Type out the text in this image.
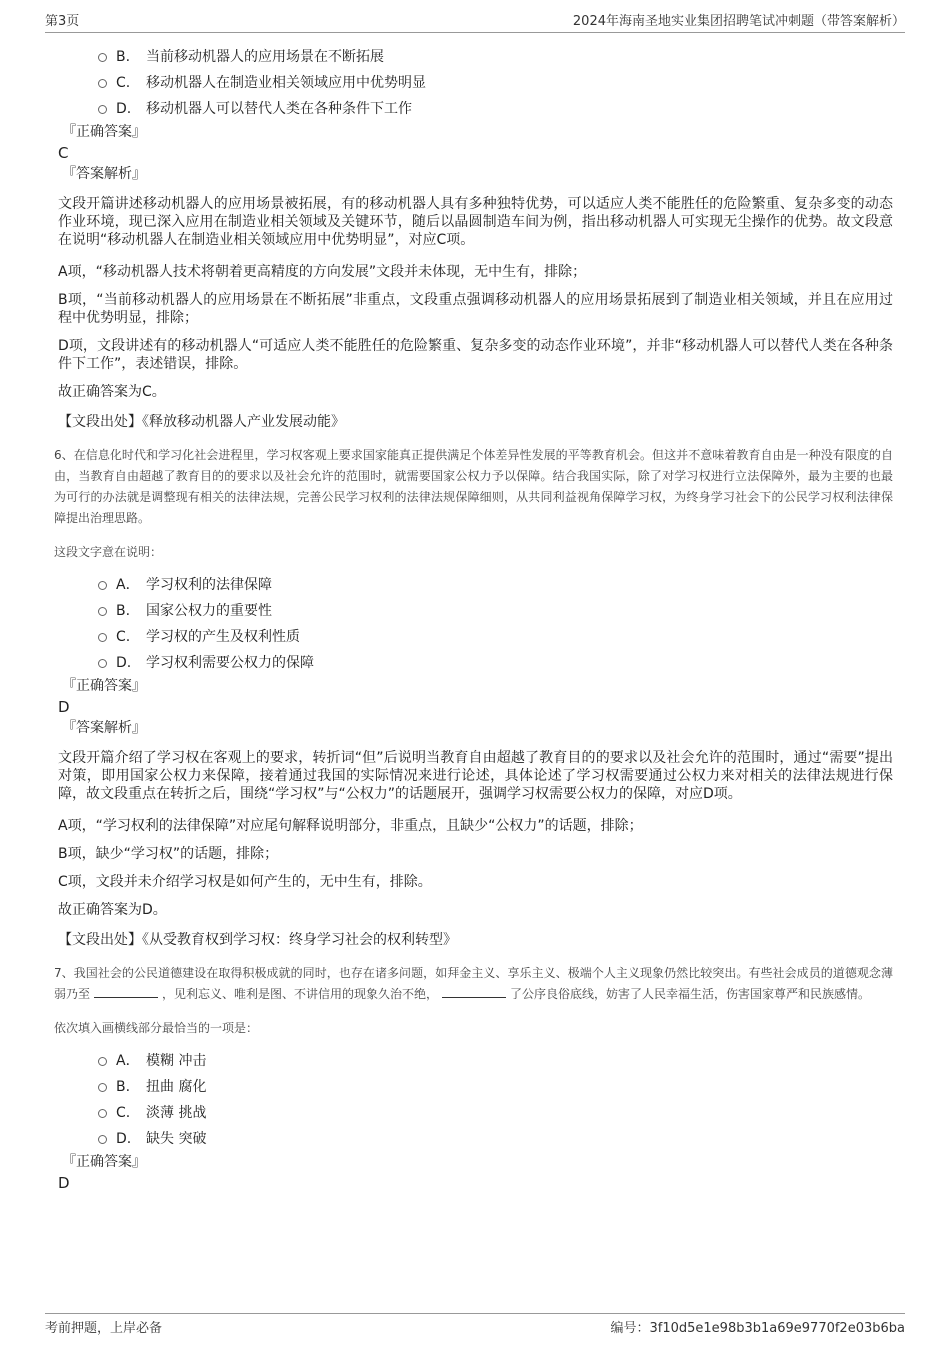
第3页	2024年海南圣地实业集团招聘笔试冲刺题（带答案解析）
B. 当前移动机器人的应用场景在不断拓展
C. 移动机器人在制造业相关领域应用中优势明显
D. 移动机器人可以替代人类在各种条件下工作
『正确答案』
C
『答案解析』
文段开篇讲述移动机器人的应用场景被拓展，有的移动机器人具有多种独特优势，可以适应人类不能胜任的危险繁重、复杂多变的动态作业环境，现已深入应用在制造业相关领域及关键环节，随后以晶圆制造车间为例，指出移动机器人可实现无尘操作的优势。故文段意在说明“移动机器人在制造业相关领域应用中优势明显”，对应C项。
A项，“移动机器人技术将朝着更高精度的方向发展”文段并未体现，无中生有，排除；
B项，“当前移动机器人的应用场景在不断拓展”非重点，文段重点强调移动机器人的应用场景拓展到了制造业相关领域，并且在应用过程中优势明显，排除；
D项，文段讲述有的移动机器人“可适应人类不能胜任的危险繁重、复杂多变的动态作业环境”，并非“移动机器人可以替代人类在各种条件下工作”，表述错误，排除。
故正确答案为C。
【文段出处】《释放移动机器人产业发展动能》
6、在信息化时代和学习化社会进程里，学习权客观上要求国家能真正提供满足个体差异性发展的平等教育机会。但这并不意味着教育自由是一种没有限度的自由，当教育自由超越了教育目的的要求以及社会允许的范围时，就需要国家公权力予以保障。结合我国实际，除了对学习权进行立法保障外，最为主要的也最为可行的办法就是调整现有相关的法律法规，完善公民学习权利的法律法规保障细则，从共同利益视角保障学习权，为终身学习社会下的公民学习权利法律保障提出治理思路。
这段文字意在说明：
A． 学习权利的法律保障
B. 国家公权力的重要性
C. 学习权的产生及权利性质
D. 学习权利需要公权力的保障
『正确答案』
D
『答案解析』
文段开篇介绍了学习权在客观上的要求，转折词“但”后说明当教育自由超越了教育目的的要求以及社会允许的范围时，通过“需要”提出对策，即用国家公权力来保障，接着通过我国的实际情况来进行论述，具体论述了学习权需要通过公权力来对相关的法律法规进行保障，故文段重点在转折之后，围绕“学习权”与“公权力”的话题展开，强调学习权需要公权力的保障，对应D项。
A项，“学习权利的法律保障”对应尾句解释说明部分，非重点，且缺少“公权力”的话题，排除；
B项，缺少“学习权”的话题，排除；
C项，文段并未介绍学习权是如何产生的，无中生有，排除。
故正确答案为D。
【文段出处】《从受教育权到学习权：终身学习社会的权利转型》
7、我国社会的公民道德建设在取得积极成就的同时，也存在诸多问题，如拜金主义、享乐主义、极端个人主义现象仍然比较突出。有些社会成员的道德观念薄弱乃至	，见利忘义、唯利是图、不讲信用的现象久治不绝，	了公序良俗底线，妨害了人民幸福生活，伤害国家尊严和民族感情。
依次填入画横线部分最恰当的一项是：
A． 模糊 冲击
B. 扭曲 腐化
C. 淡薄 挑战
D. 缺失 突破
『正确答案』
D
考前押题，上岸必备	编号：3f10d5e1e98b3b1a69e9770f2e03b6ba
